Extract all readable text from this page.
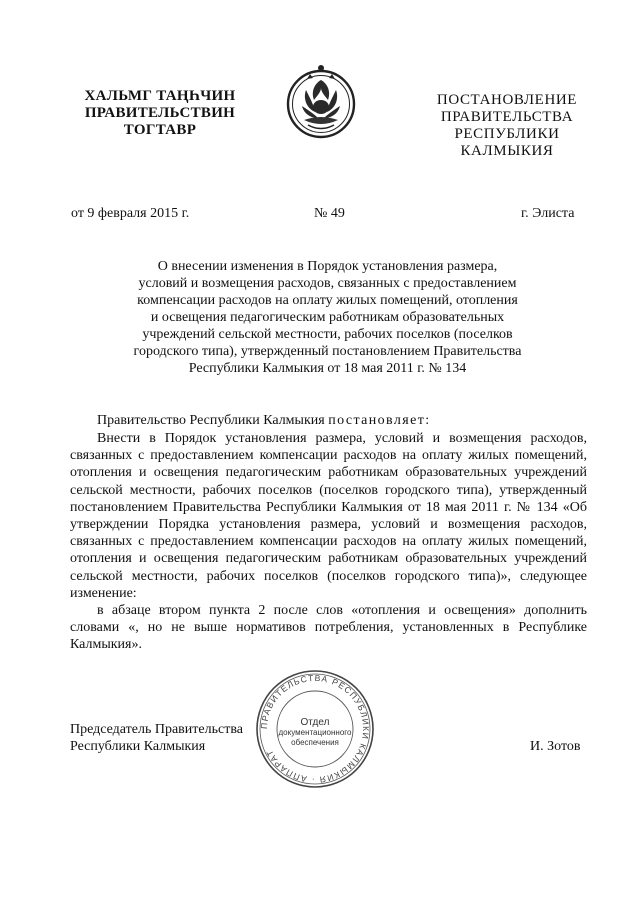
ХАЛЬМГ ТАҢҺЧИН
ПРАВИТЕЛЬСТВИН
ТОГТАВР
ПОСТАНОВЛЕНИЕ
ПРАВИТЕЛЬСТВА
РЕСПУБЛИКИ КАЛМЫКИЯ
от 9 февраля 2015 г.	№ 49	г. Элиста
О внесении изменения в Порядок установления размера,
условий и возмещения расходов, связанных с предоставлением
компенсации расходов на оплату жилых помещений, отопления
и освещения педагогическим работникам образовательных
учреждений сельской местности, рабочих поселков (поселков
городского типа), утвержденный постановлением Правительства
Республики Калмыкия от 18 мая 2011 г. № 134
Правительство Республики Калмыкия постановляет:

Внести в Порядок установления размера, условий и возмещения расходов, связанных с предоставлением компенсации расходов на оплату жилых помещений, отопления и освещения педагогическим работникам образовательных учреждений сельской местности, рабочих поселков (поселков городского типа), утвержденный постановлением Правительства Республики Калмыкия от 18 мая 2011 г. № 134 «Об утверждении Порядка установления размера, условий и возмещения расходов, связанных с предоставлением компенсации расходов на оплату жилых помещений, отопления и освещения педагогическим работникам образовательных учреждений сельской местности, рабочих поселков (поселков городского типа)», следующее изменение:

в абзаце втором пункта 2 после слов «отопления и освещения» дополнить словами «, но не выше нормативов потребления, установленных в Республике Калмыкия».

Председатель Правительства
Республики Калмыкия
ПРАВИТЕЛЬСТВА РЕСПУБЛИКИ КАЛМЫКИЯ · АППАРАТ
Отдел
документационного
обеспечения	И. Зотов
